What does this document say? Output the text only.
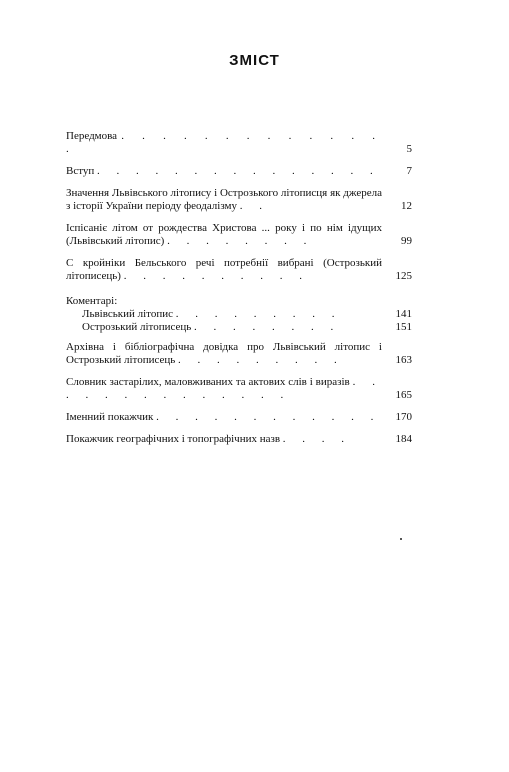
ЗМІСТ
Передмова . . . . . . . . . . . . . .	5
Вступ . . . . . . . . . . . . . . .	7
Значення Львівського літопису і Острозького літописця як джерела з історії України періоду феодалізму . .	12
Іспісаніє літом от рождества Христова ... року і по нім ідущих (Львівський літопис) . . . . . . . .	99
С кройніки Бельського речі потребнії вибрані (Острозький літописець) . . . . . . . . . .	125
Коментарі:
Львівський літопис . . . . . . . . .	141
Острозький літописець . . . . . . . .	151
Архівна і бібліографічна довідка про Львівський літопис і Острозький літописець . . . . . . . . .	163
Словник застарілих, маловживаних та актових слів і виразів . . . . . . . . . . . . . .	165
Іменний покажчик . . . . . . . . . . . .	170
Покажчик географічних і топографічних назв . . . .	184
